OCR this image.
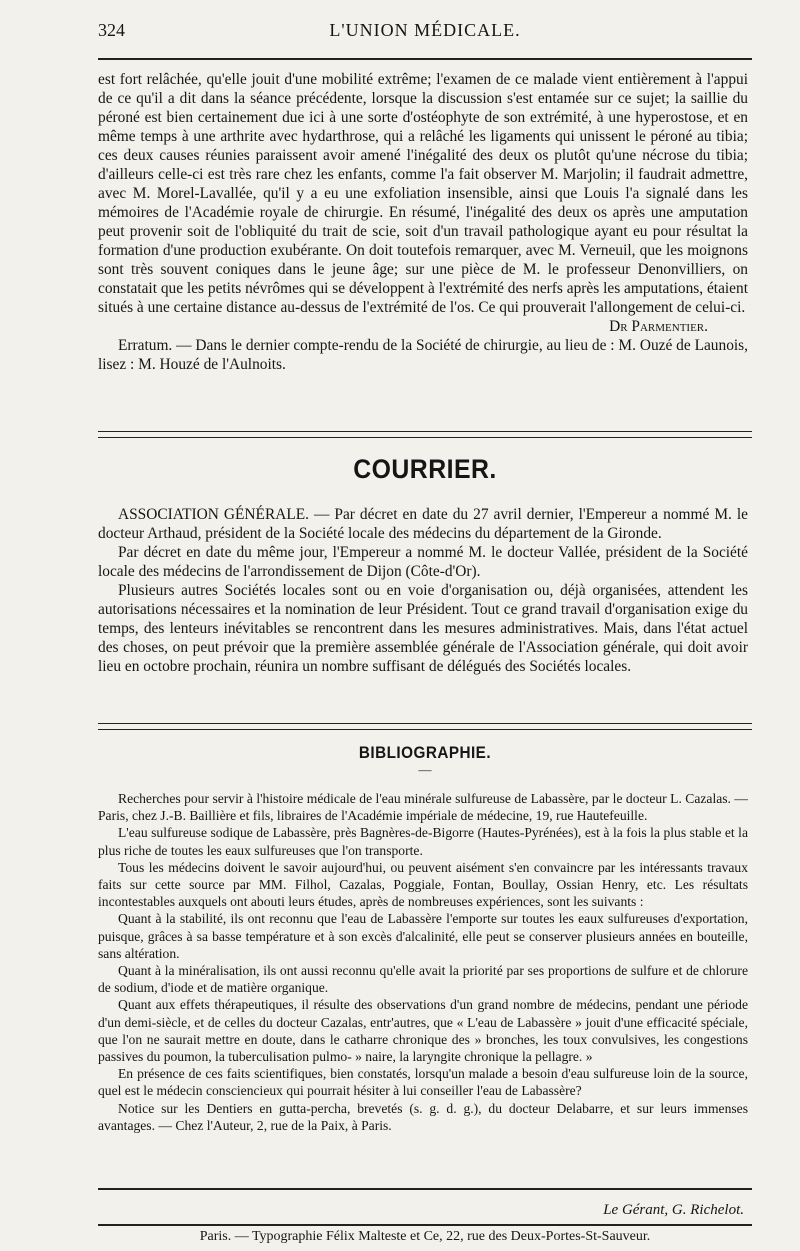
324	L'UNION MÉDICALE.

est fort relâchée, qu'elle jouit d'une mobilité extrême; l'examen de ce malade vient entièrement à l'appui de ce qu'il a dit dans la séance précédente, lorsque la discussion s'est entamée sur ce sujet; la saillie du péroné est bien certainement due ici à une sorte d'ostéophyte de son extrémité, à une hyperostose, et en même temps à une arthrite avec hydarthrose, qui a relâché les ligaments qui unissent le péroné au tibia; ces deux causes réunies paraissent avoir amené l'inégalité des deux os plutôt qu'une nécrose du tibia; d'ailleurs celle-ci est très rare chez les enfants, comme l'a fait observer M. Marjolin; il faudrait admettre, avec M. Morel-Lavallée, qu'il y a eu une exfoliation insensible, ainsi que Louis l'a signalé dans les mémoires de l'Académie royale de chirurgie. En résumé, l'inégalité des deux os après une amputation peut provenir soit de l'obliquité du trait de scie, soit d'un travail pathologique ayant eu pour résultat la formation d'une production exubérante. On doit toutefois remarquer, avec M. Verneuil, que les moignons sont très souvent coniques dans le jeune âge; sur une pièce de M. le professeur Denonvilliers, on constatait que les petits névrômes qui se développent à l'extrémité des nerfs après les amputations, étaient situés à une certaine distance au-dessus de l'extrémité de l'os. Ce qui prouverait l'allongement de celui-ci.

Dr Parmentier.

Erratum. — Dans le dernier compte-rendu de la Société de chirurgie, au lieu de : M. Ouzé de Launois, lisez : M. Houzé de l'Aulnoits.

COURRIER.

ASSOCIATION GÉNÉRALE. — Par décret en date du 27 avril dernier, l'Empereur a nommé M. le docteur Arthaud, président de la Société locale des médecins du département de la Gironde.

Par décret en date du même jour, l'Empereur a nommé M. le docteur Vallée, président de la Société locale des médecins de l'arrondissement de Dijon (Côte-d'Or).

Plusieurs autres Sociétés locales sont ou en voie d'organisation ou, déjà organisées, attendent les autorisations nécessaires et la nomination de leur Président. Tout ce grand travail d'organisation exige du temps, des lenteurs inévitables se rencontrent dans les mesures administratives. Mais, dans l'état actuel des choses, on peut prévoir que la première assemblée générale de l'Association générale, qui doit avoir lieu en octobre prochain, réunira un nombre suffisant de délégués des Sociétés locales.

BIBLIOGRAPHIE.
—

Recherches pour servir à l'histoire médicale de l'eau minérale sulfureuse de Labassère, par le docteur L. Cazalas. — Paris, chez J.-B. Baillière et fils, libraires de l'Académie impériale de médecine, 19, rue Hautefeuille.

L'eau sulfureuse sodique de Labassère, près Bagnères-de-Bigorre (Hautes-Pyrénées), est à la fois la plus stable et la plus riche de toutes les eaux sulfureuses que l'on transporte.

Tous les médecins doivent le savoir aujourd'hui, ou peuvent aisément s'en convaincre par les intéressants travaux faits sur cette source par MM. Filhol, Cazalas, Poggiale, Fontan, Boullay, Ossian Henry, etc. Les résultats incontestables auxquels ont abouti leurs études, après de nombreuses expériences, sont les suivants :

Quant à la stabilité, ils ont reconnu que l'eau de Labassère l'emporte sur toutes les eaux sulfureuses d'exportation, puisque, grâces à sa basse température et à son excès d'alcalinité, elle peut se conserver plusieurs années en bouteille, sans altération.

Quant à la minéralisation, ils ont aussi reconnu qu'elle avait la priorité par ses proportions de sulfure et de chlorure de sodium, d'iode et de matière organique.

Quant aux effets thérapeutiques, il résulte des observations d'un grand nombre de médecins, pendant une période d'un demi-siècle, et de celles du docteur Cazalas, entr'autres, que « L'eau de Labassère » jouit d'une efficacité spéciale, que l'on ne saurait mettre en doute, dans le catharre chronique des » bronches, les toux convulsives, les congestions passives du poumon, la tuberculisation pulmo- » naire, la laryngite chronique la pellagre. »

En présence de ces faits scientifiques, bien constatés, lorsqu'un malade a besoin d'eau sulfureuse loin de la source, quel est le médecin consciencieux qui pourrait hésiter à lui conseiller l'eau de Labassère?

Notice sur les Dentiers en gutta-percha, brevetés (s. g. d. g.), du docteur Delabarre, et sur leurs immenses avantages. — Chez l'Auteur, 2, rue de la Paix, à Paris.

Le Gérant, G. Richelot.
Paris. — Typographie Félix Malteste et Ce, 22, rue des Deux-Portes-St-Sauveur.
